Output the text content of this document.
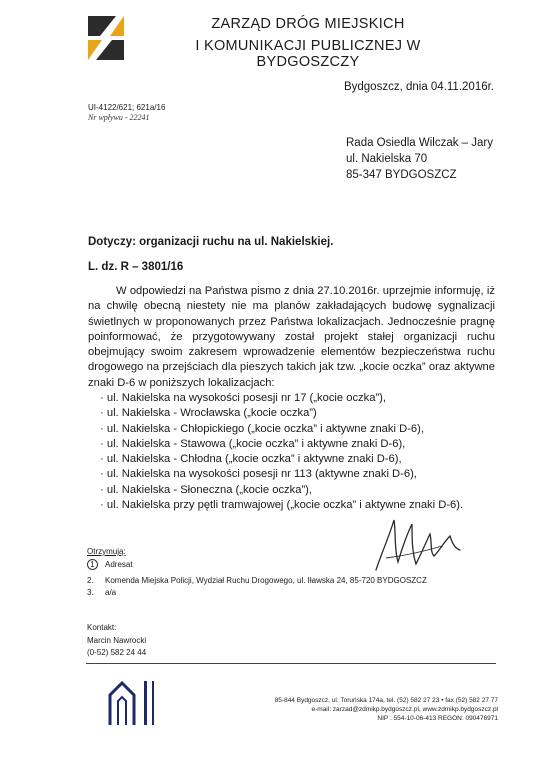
ZARZĄD DRÓG MIEJSKICH
I KOMUNIKACJI PUBLICZNEJ W BYDGOSZCZY
Bydgoszcz, dnia 04.11.2016r.
UI-4122/621; 621a/16
Nr wpływu - 22241
Rada Osiedla Wilczak – Jary
ul. Nakielska 70
85-347 BYDGOSZCZ
Dotyczy: organizacji ruchu na ul. Nakielskiej.
L. dz. R – 3801/16

W odpowiedzi na Państwa pismo z dnia 27.10.2016r. uprzejmie informuję, iż na chwilę obecną niestety nie ma planów zakładających budowę sygnalizacji świetlnych w proponowanych przez Państwa lokalizacjach. Jednocześnie pragnę poinformować, że przygotowywany został projekt stałej organizacji ruchu obejmujący swoim zakresem wprowadzenie elementów bezpieczeństwa ruchu drogowego na przejściach dla pieszych takich jak tzw. „kocie oczka” oraz aktywne znaki D-6 w poniższych lokalizacjach:

· ul. Nakielska na wysokości posesji nr 17 („kocie oczka”),
· ul. Nakielska - Wrocławska („kocie oczka”)
· ul. Nakielska - Chłopickiego („kocie oczka” i aktywne znaki D-6),
· ul. Nakielska - Stawowa („kocie oczka” i aktywne znaki D-6),
· ul. Nakielska - Chłodna („kocie oczka” i aktywne znaki D-6),
· ul. Nakielska na wysokości posesji nr 113 (aktywne znaki D-6),
· ul. Nakielska - Słoneczna („kocie oczka”),
· ul. Nakielska przy pętli tramwajowej („kocie oczka” i aktywne znaki D-6).
Otrzymują:
1 Adresat
2. Komenda Miejska Policji, Wydział Ruchu Drogowego, ul. Iławska 24, 85-720 BYDGOSZCZ
3. a/a
Kontakt:
Marcin Nawrocki
(0-52) 582 24 44
85-844 Bydgoszcz, ul. Toruńska 174a, tel. (52) 582 27 23 • fax (52) 582 27 77
e-mail: zarzad@zdmikp.bydgoszcz.pl, www.zdmikp.bydgoszcz.pl
NIP : 554-10-06-413 REGON: 090476971
